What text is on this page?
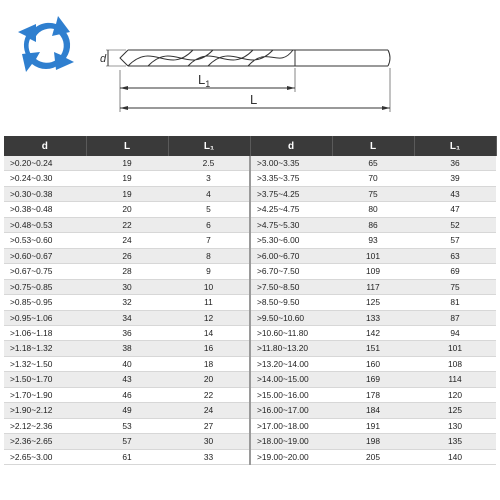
d
$L_1$
L
d	L	L₁	d	L	L₁
>0.20~0.24	19	2.5	>3.00~3.35	65	36
>0.24~0.30	19	3	>3.35~3.75	70	39
>0.30~0.38	19	4	>3.75~4.25	75	43
>0.38~0.48	20	5	>4.25~4.75	80	47
>0.48~0.53	22	6	>4.75~5.30	86	52
>0.53~0.60	24	7	>5.30~6.00	93	57
>0.60~0.67	26	8	>6.00~6.70	101	63
>0.67~0.75	28	9	>6.70~7.50	109	69
>0.75~0.85	30	10	>7.50~8.50	117	75
>0.85~0.95	32	11	>8.50~9.50	125	81
>0.95~1.06	34	12	>9.50~10.60	133	87
>1.06~1.18	36	14	>10.60~11.80	142	94
>1.18~1.32	38	16	>11.80~13.20	151	101
>1.32~1.50	40	18	>13.20~14.00	160	108
>1.50~1.70	43	20	>14.00~15.00	169	114
>1.70~1.90	46	22	>15.00~16.00	178	120
>1.90~2.12	49	24	>16.00~17.00	184	125
>2.12~2.36	53	27	>17.00~18.00	191	130
>2.36~2.65	57	30	>18.00~19.00	198	135
>2.65~3.00	61	33	>19.00~20.00	205	140
